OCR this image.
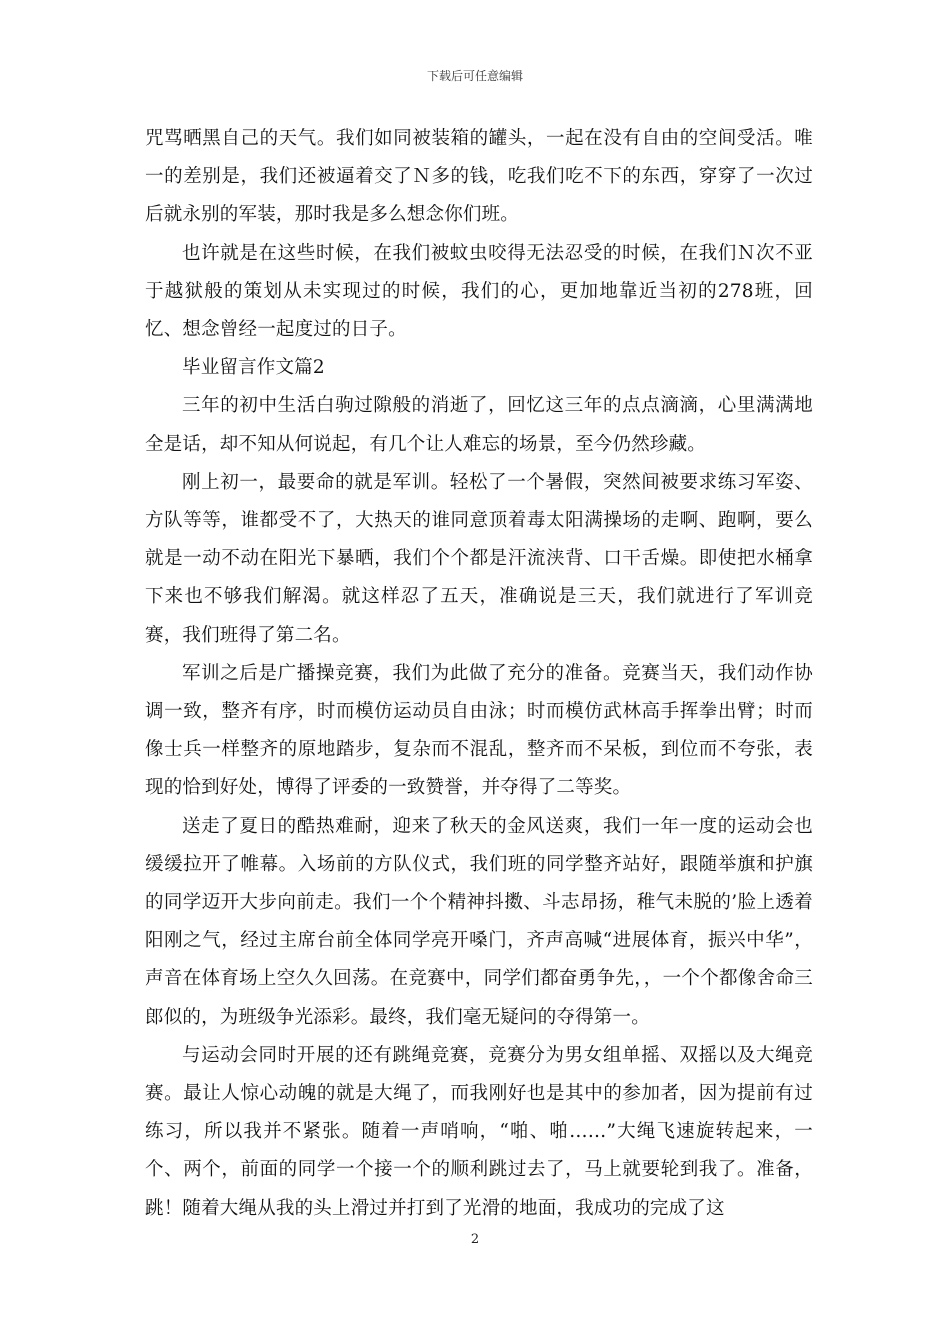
下载后可任意编辑

咒骂晒黑自己的天气。我们如同被装箱的罐头，一起在没有自由的空间受活。唯一的差别是，我们还被逼着交了Ｎ多的钱，吃我们吃不下的东西，穿穿了一次过后就永别的军装，那时我是多么想念你们班。

也许就是在这些时候，在我们被蚊虫咬得无法忍受的时候，在我们Ｎ次不亚于越狱般的策划从未实现过的时候，我们的心，更加地靠近当初的278班，回忆、想念曾经一起度过的日子。

毕业留言作文篇2

三年的初中生活白驹过隙般的消逝了，回忆这三年的点点滴滴，心里满满地全是话，却不知从何说起，有几个让人难忘的场景，至今仍然珍藏。

刚上初一，最要命的就是军训。轻松了一个暑假，突然间被要求练习军姿、方队等等，谁都受不了，大热天的谁同意顶着毒太阳满操场的走啊、跑啊，要么就是一动不动在阳光下暴晒，我们个个都是汗流浃背、口干舌燥。即使把水桶拿下来也不够我们解渴。就这样忍了五天，准确说是三天，我们就进行了军训竞赛，我们班得了第二名。

军训之后是广播操竞赛，我们为此做了充分的准备。竞赛当天，我们动作协调一致，整齐有序，时而模仿运动员自由泳；时而模仿武林高手挥拳出臂；时而像士兵一样整齐的原地踏步，复杂而不混乱，整齐而不呆板，到位而不夸张，表现的恰到好处，博得了评委的一致赞誉，并夺得了二等奖。

送走了夏日的酷热难耐，迎来了秋天的金风送爽，我们一年一度的运动会也缓缓拉开了帷幕。入场前的方队仪式，我们班的同学整齐站好，跟随举旗和护旗的同学迈开大步向前走。我们一个个精神抖擞、斗志昂扬，稚气未脱的’脸上透着阳刚之气，经过主席台前全体同学亮开嗓门，齐声高喊“进展体育，振兴中华”，声音在体育场上空久久回荡。在竞赛中，同学们都奋勇争先，，一个个都像舍命三郎似的，为班级争光添彩。最终，我们毫无疑问的夺得第一。

与运动会同时开展的还有跳绳竞赛，竞赛分为男女组单摇、双摇以及大绳竞赛。最让人惊心动魄的就是大绳了，而我刚好也是其中的参加者，因为提前有过练习，所以我并不紧张。随着一声哨响，“啪、啪……”大绳飞速旋转起来，一个、两个，前面的同学一个接一个的顺利跳过去了，马上就要轮到我了。准备，跳！随着大绳从我的头上滑过并打到了光滑的地面，我成功的完成了这

2
